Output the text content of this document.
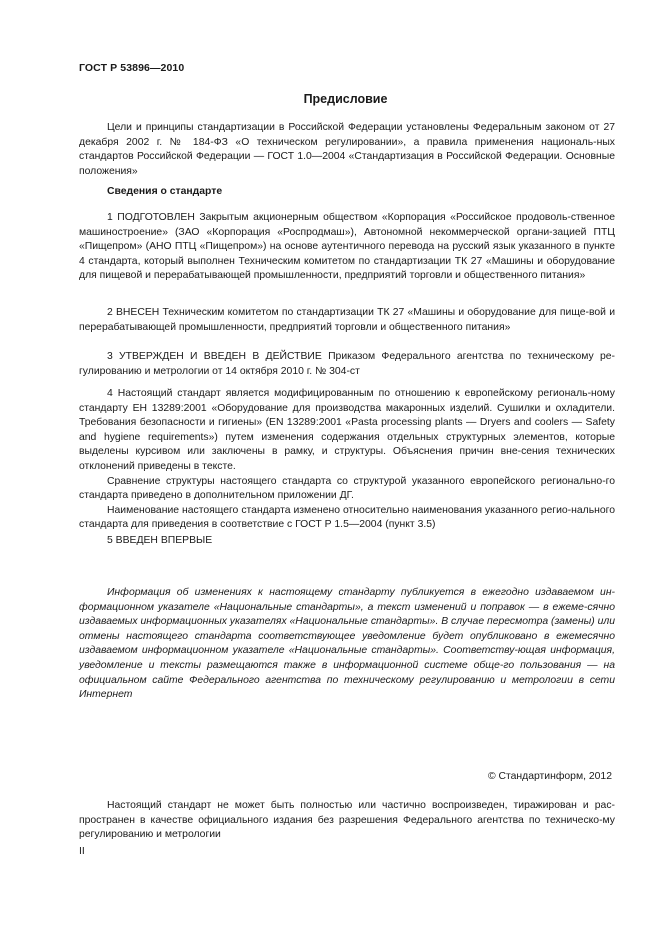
ГОСТ Р 53896—2010
Предисловие

Цели и принципы стандартизации в Российской Федерации установлены Федеральным законом от 27 декабря 2002 г. № 184-ФЗ «О техническом регулировании», а правила применения националь-ных стандартов Российской Федерации — ГОСТ 1.0—2004 «Стандартизация в Российской Федерации. Основные положения»

Сведения о стандарте

1 ПОДГОТОВЛЕН Закрытым акционерным обществом «Корпорация «Российское продоволь-ственное машиностроение» (ЗАО «Корпорация «Роспродмаш»), Автономной некоммерческой органи-зацией ПТЦ «Пищепром» (АНО ПТЦ «Пищепром») на основе аутентичного перевода на русский язык указанного в пункте 4 стандарта, который выполнен Техническим комитетом по стандартизации ТК 27 «Машины и оборудование для пищевой и перерабатывающей промышленности, предприятий торговли и общественного питания»

2 ВНЕСЕН Техническим комитетом по стандартизации ТК 27 «Машины и оборудование для пище-вой и перерабатывающей промышленности, предприятий торговли и общественного питания»

3 УТВЕРЖДЕН И ВВЕДЕН В ДЕЙСТВИЕ Приказом Федерального агентства по техническому ре-гулированию и метрологии от 14 октября 2010 г. № 304-ст

4 Настоящий стандарт является модифицированным по отношению к европейскому региональ-ному стандарту ЕН 13289:2001 «Оборудование для производства макаронных изделий. Сушилки и охладители. Требования безопасности и гигиены» (EN 13289:2001 «Pasta processing plants — Dryers and coolers — Safety and hygiene requirements») путем изменения содержания отдельных структурных элементов, которые выделены курсивом или заключены в рамку, и структуры. Объяснения причин вне-сения технических отклонений приведены в тексте.

Сравнение структуры настоящего стандарта со структурой указанного европейского регионально-го стандарта приведено в дополнительном приложении ДГ.

Наименование настоящего стандарта изменено относительно наименования указанного регио-нального стандарта для приведения в соответствие с ГОСТ Р 1.5—2004 (пункт 3.5)

5 ВВЕДЕН ВПЕРВЫЕ

Информация об изменениях к настоящему стандарту публикуется в ежегодно издаваемом ин-формационном указателе «Национальные стандарты», а текст изменений и поправок — в ежеме-сячно издаваемых информационных указателях «Национальные стандарты». В случае пересмотра (замены) или отмены настоящего стандарта соответствующее уведомление будет опубликовано в ежемесячно издаваемом информационном указателе «Национальные стандарты». Соответству-ющая информация, уведомление и тексты размещаются также в информационной системе обще-го пользования — на официальном сайте Федерального агентства по техническому регулированию и метрологии в сети Интернет
© Стандартинформ, 2012

Настоящий стандарт не может быть полностью или частично воспроизведен, тиражирован и рас-пространен в качестве официального издания без разрешения Федерального агентства по техническо-му регулированию и метрологии

II
